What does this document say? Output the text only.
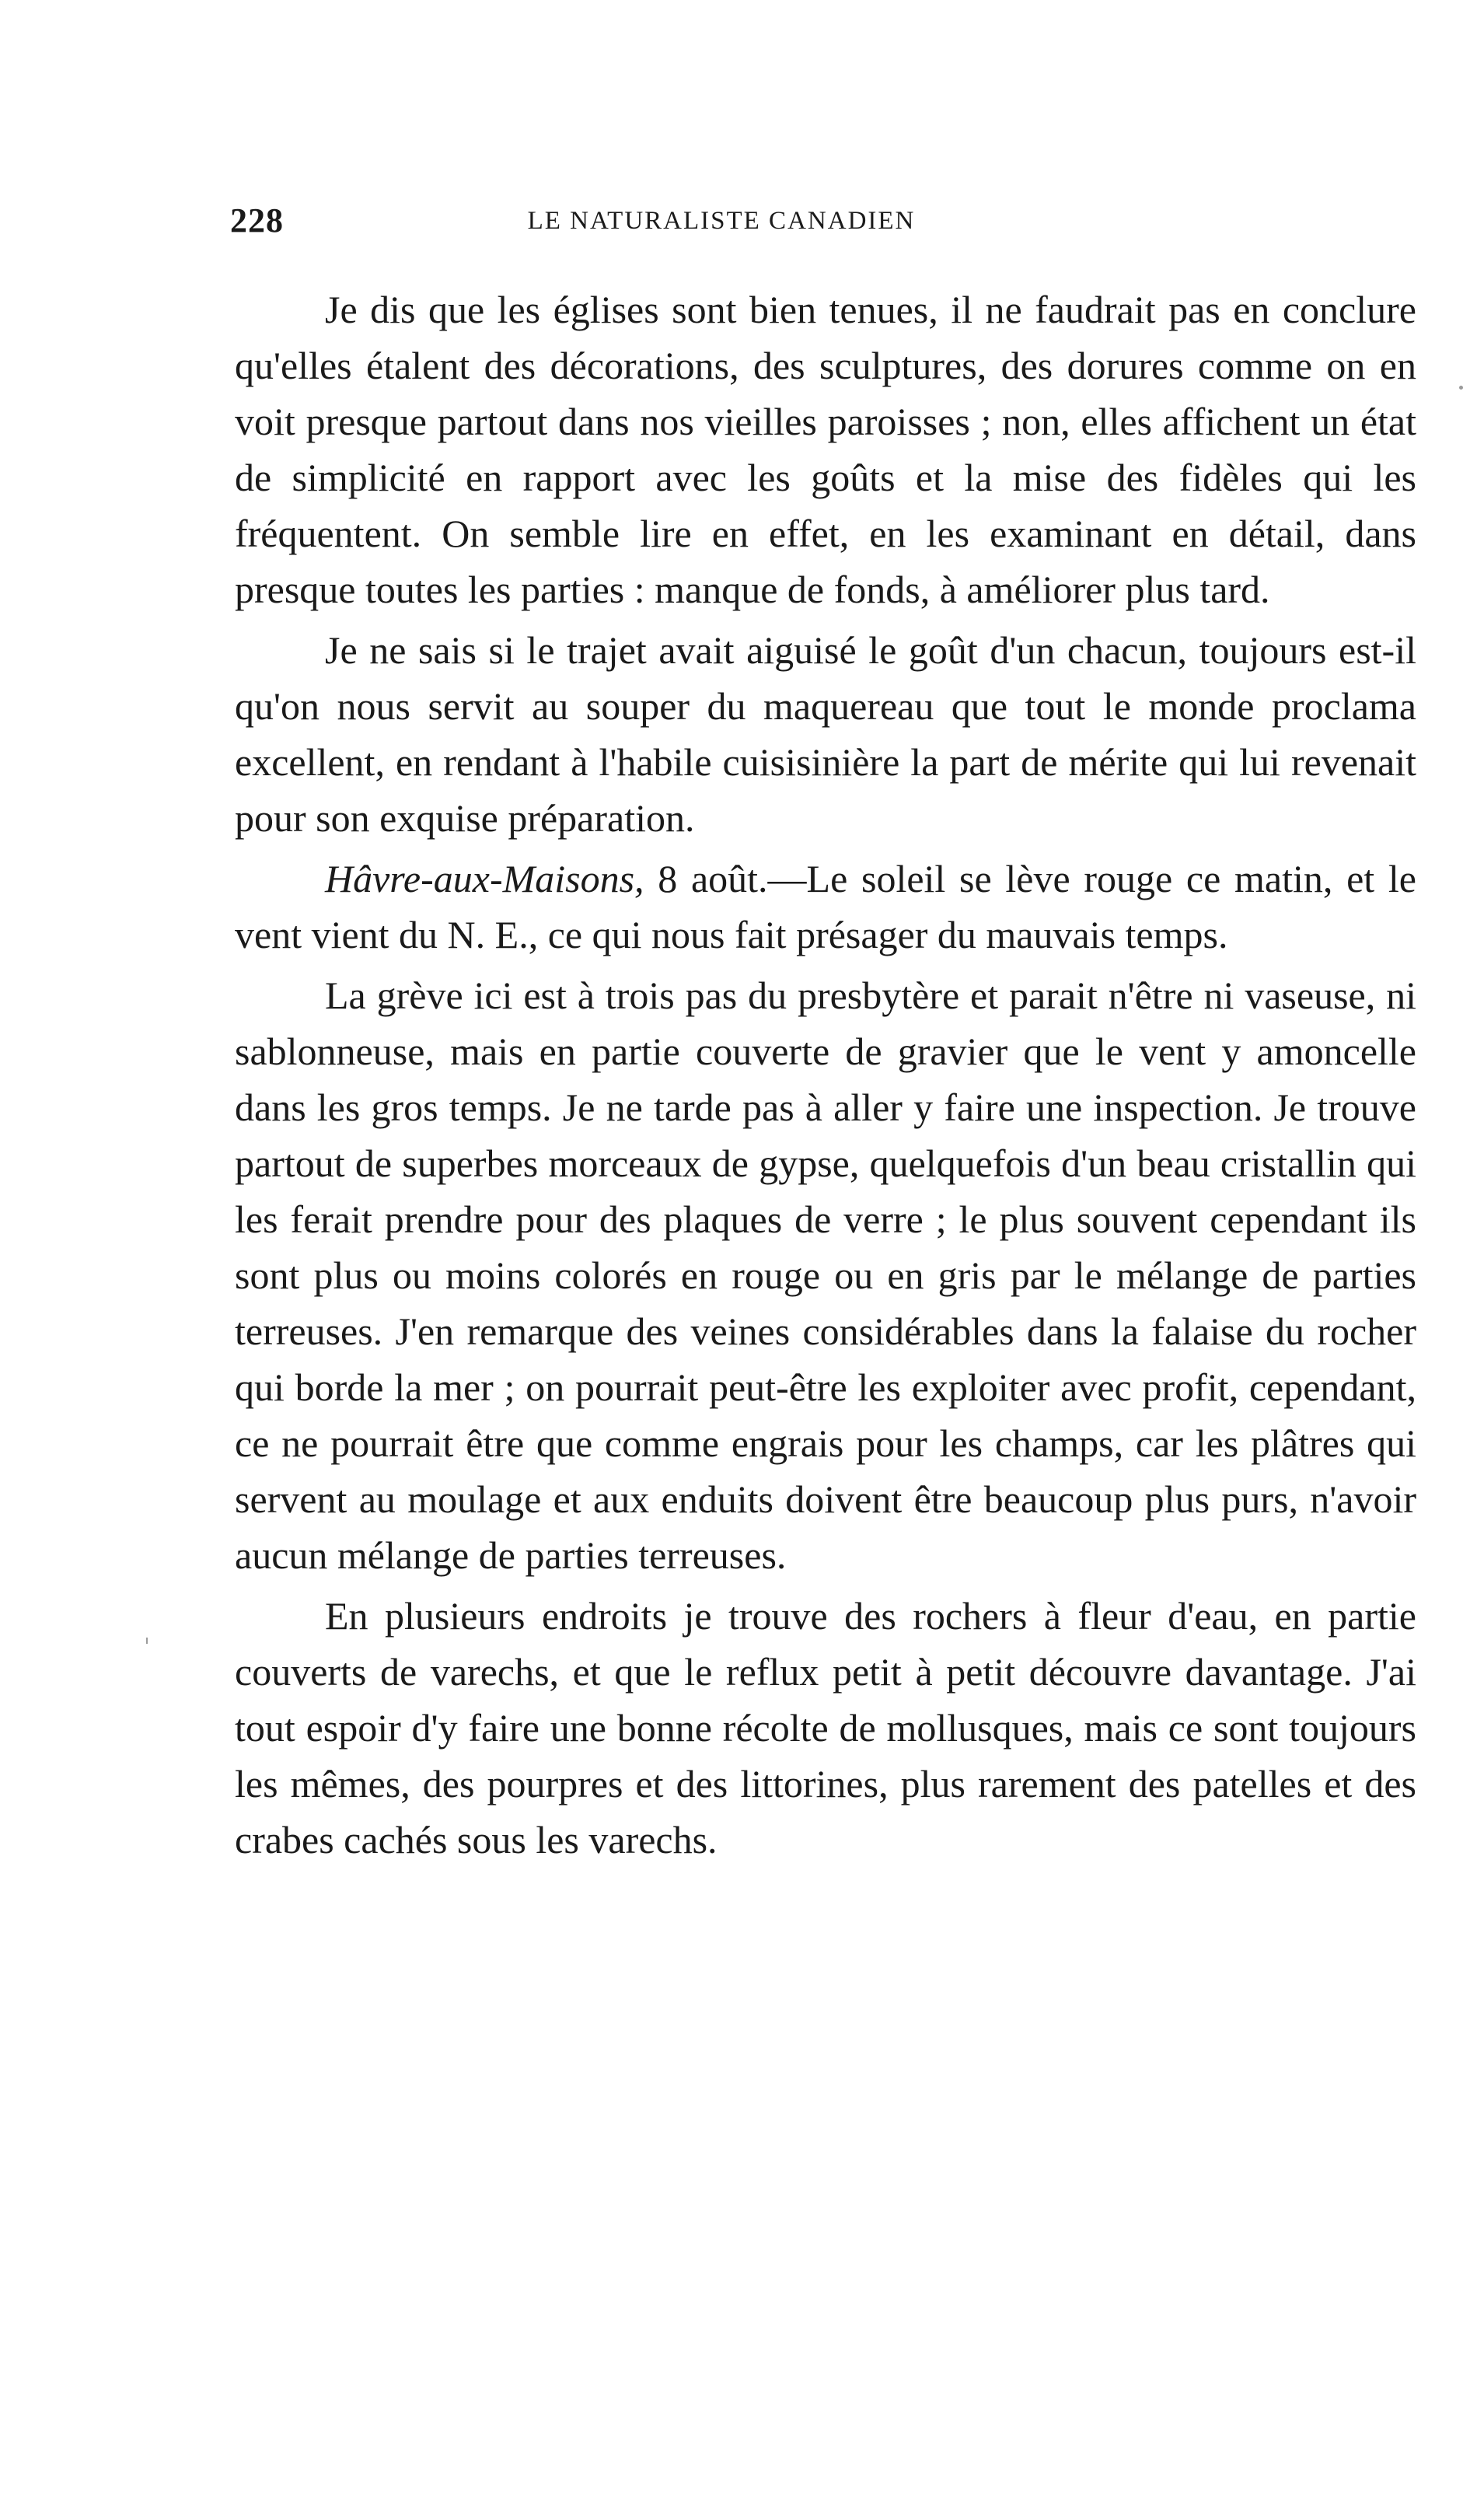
228	LE NATURALISTE CANADIEN

Je dis que les églises sont bien tenues, il ne faudrait pas en conclure qu'elles étalent des décorations, des sculptures, des dorures comme on en voit presque partout dans nos vieilles paroisses ; non, elles affichent un état de simplicité en rapport avec les goûts et la mise des fidèles qui les fréquentent. On semble lire en effet, en les examinant en détail, dans presque toutes les parties : manque de fonds, à améliorer plus tard.

Je ne sais si le trajet avait aiguisé le goût d'un chacun, toujours est-il qu'on nous servit au souper du maquereau que tout le monde proclama excellent, en rendant à l'habile cuisisinière la part de mérite qui lui revenait pour son exquise préparation.

Hâvre-aux-Maisons, 8 août.—Le soleil se lève rouge ce matin, et le vent vient du N. E., ce qui nous fait présager du mauvais temps.

La grève ici est à trois pas du presbytère et parait n'être ni vaseuse, ni sablonneuse, mais en partie couverte de gravier que le vent y amoncelle dans les gros temps. Je ne tarde pas à aller y faire une inspection. Je trouve partout de superbes morceaux de gypse, quelquefois d'un beau cristallin qui les ferait prendre pour des plaques de verre ; le plus souvent cependant ils sont plus ou moins colorés en rouge ou en gris par le mélange de parties terreuses. J'en remarque des veines considérables dans la falaise du rocher qui borde la mer ; on pourrait peut-être les exploiter avec profit, cependant, ce ne pourrait être que comme engrais pour les champs, car les plâtres qui servent au moulage et aux enduits doivent être beaucoup plus purs, n'avoir aucun mélange de parties terreuses.

En plusieurs endroits je trouve des rochers à fleur d'eau, en partie couverts de varechs, et que le reflux petit à petit découvre davantage. J'ai tout espoir d'y faire une bonne récolte de mollusques, mais ce sont toujours les mêmes, des pourpres et des littorines, plus rarement des patelles et des crabes cachés sous les varechs.
